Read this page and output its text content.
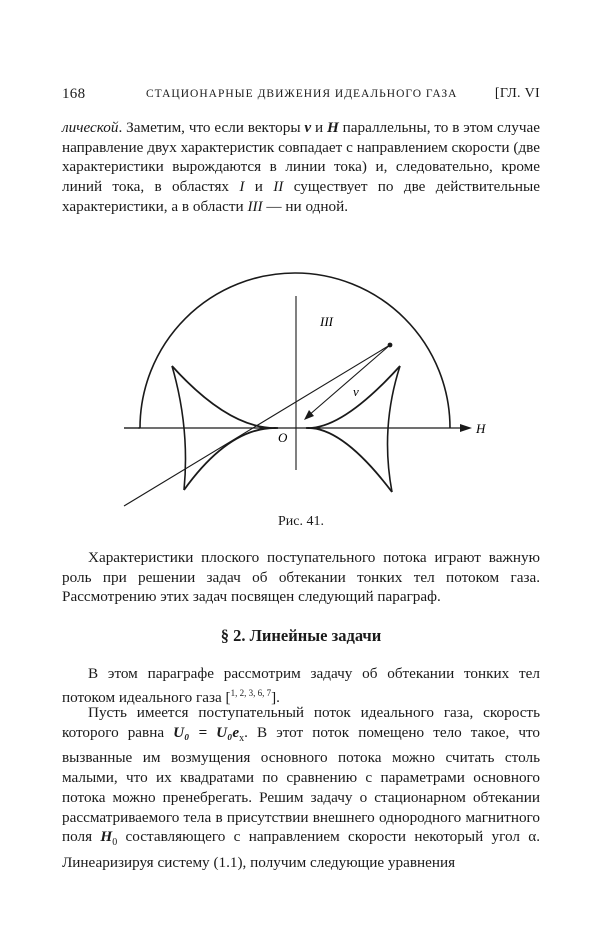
168	СТАЦИОНАРНЫЕ ДВИЖЕНИЯ ИДЕАЛЬНОГО ГАЗА	[ГЛ. VI

лической. Заметим, что если векторы v и H параллельны, то в этом случае направление двух характеристик совпадает с направлением скорости (две характеристики вырождаются в линии тока) и, следовательно, кроме линий тока, в областях I и II существует по две действительные характеристики, а в области III — ни одной.

III
v
O
H
Рис. 41.

Характеристики плоского поступательного потока играют важную роль при решении задач об обтекании тонких тел потоком газа. Рассмотрению этих задач посвящен следующий параграф.

§ 2. Линейные задачи

В этом параграфе рассмотрим задачу об обтекании тонких тел потоком идеального газа [$^{1, 2, 3, 6, 7}$].

Пусть имеется поступательный поток идеального газа, скорость которого равна $U_0 = U_0e_x$. В этот поток помещено тело такое, что вызванные им возмущения основного потока можно считать столь малыми, что их квадратами по сравнению с параметрами основного потока можно пренебрегать. Решим задачу о стационарном обтекании рассматриваемого тела в присутствии внешнего однородного магнитного поля $H_0$ составляющего с направлением скорости некоторый угол α. Линеаризируя систему (1.1), получим следующие уравнения
